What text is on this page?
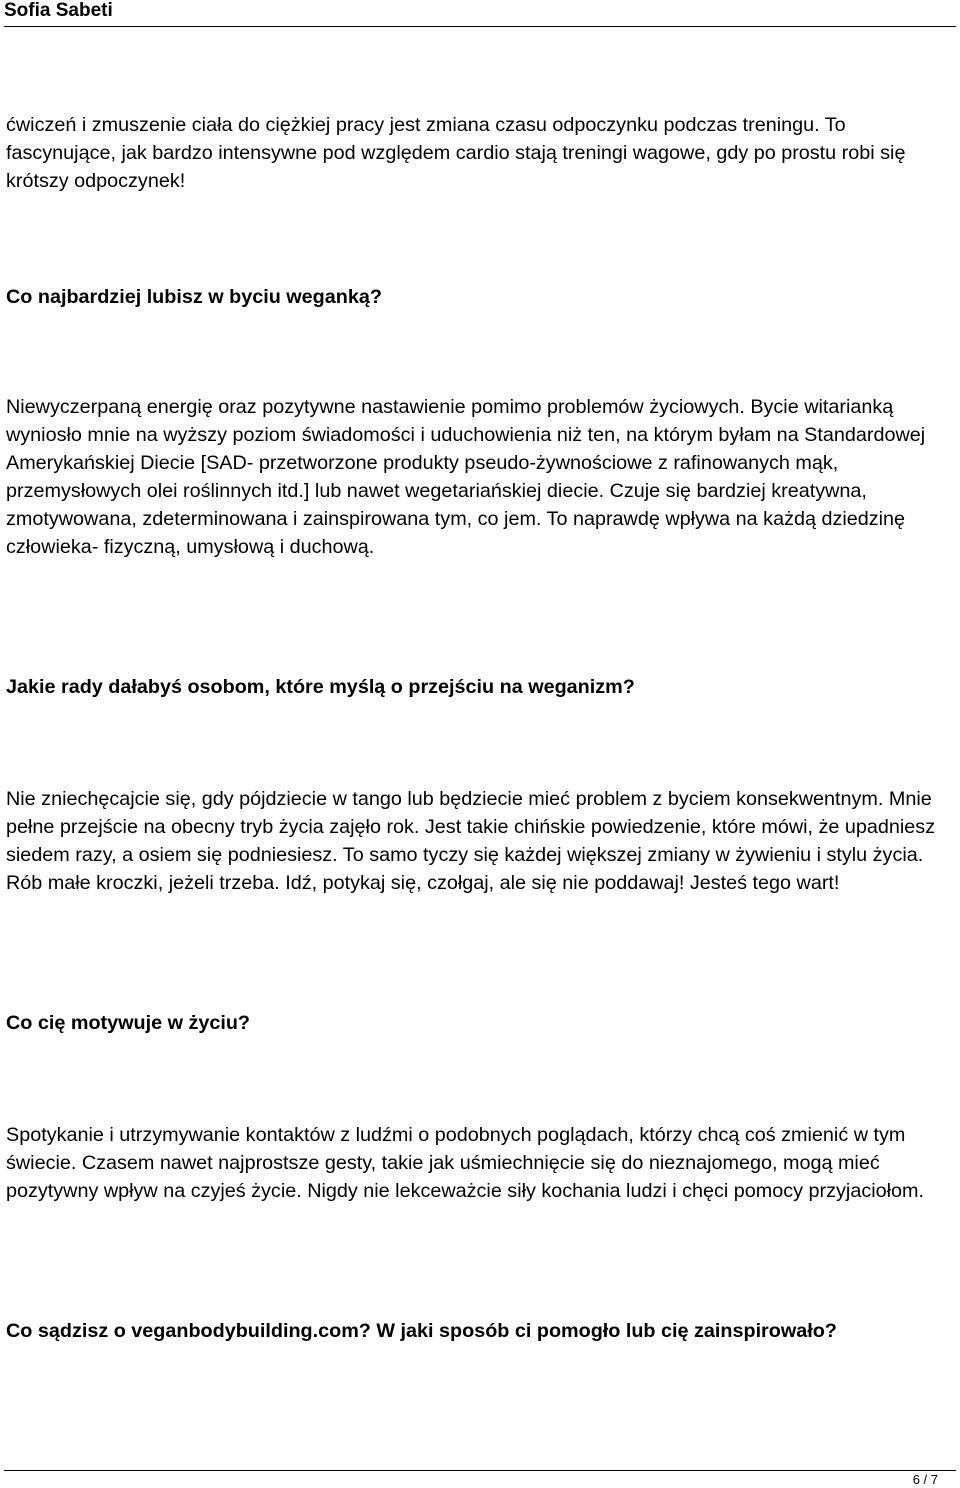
Sofia Sabeti

ćwiczeń i zmuszenie ciała do ciężkiej pracy jest zmiana czasu odpoczynku podczas treningu. To fascynujące, jak bardzo intensywne pod względem cardio stają treningi wagowe, gdy po prostu robi się krótszy odpoczynek!

Co najbardziej lubisz w byciu weganką?

Niewyczerpaną energię oraz pozytywne nastawienie pomimo problemów życiowych. Bycie witarianką wyniosło mnie na wyższy poziom świadomości i uduchowienia niż ten, na którym byłam na Standardowej Amerykańskiej Diecie [SAD- przetworzone produkty pseudo-żywnościowe z rafinowanych mąk, przemysłowych olei roślinnych itd.] lub nawet wegetariańskiej diecie. Czuje się bardziej kreatywna, zmotywowana, zdeterminowana i zainspirowana tym, co jem. To naprawdę wpływa na każdą dziedzinę człowieka- fizyczną, umysłową i duchową.

Jakie rady dałabyś osobom, które myślą o przejściu na weganizm?

Nie zniechęcajcie się, gdy pójdziecie w tango lub będziecie mieć problem z byciem konsekwentnym. Mnie pełne przejście na obecny tryb życia zajęło rok. Jest takie chińskie powiedzenie, które mówi, że upadniesz siedem razy, a osiem się podniesiesz. To samo tyczy się każdej większej zmiany w żywieniu i stylu życia. Rób małe kroczki, jeżeli trzeba. Idź, potykaj się, czołgaj, ale się nie poddawaj! Jesteś tego wart!

Co cię motywuje w życiu?

Spotykanie i utrzymywanie kontaktów z ludźmi o podobnych poglądach, którzy chcą coś zmienić w tym świecie. Czasem nawet najprostsze gesty, takie jak uśmiechnięcie się do nieznajomego, mogą mieć pozytywny wpływ na czyjeś życie. Nigdy nie lekceważcie siły kochania ludzi i chęci pomocy przyjaciołom.

Co sądzisz o veganbodybuilding.com? W jaki sposób ci pomogło lub cię zainspirowało?

6 / 7
